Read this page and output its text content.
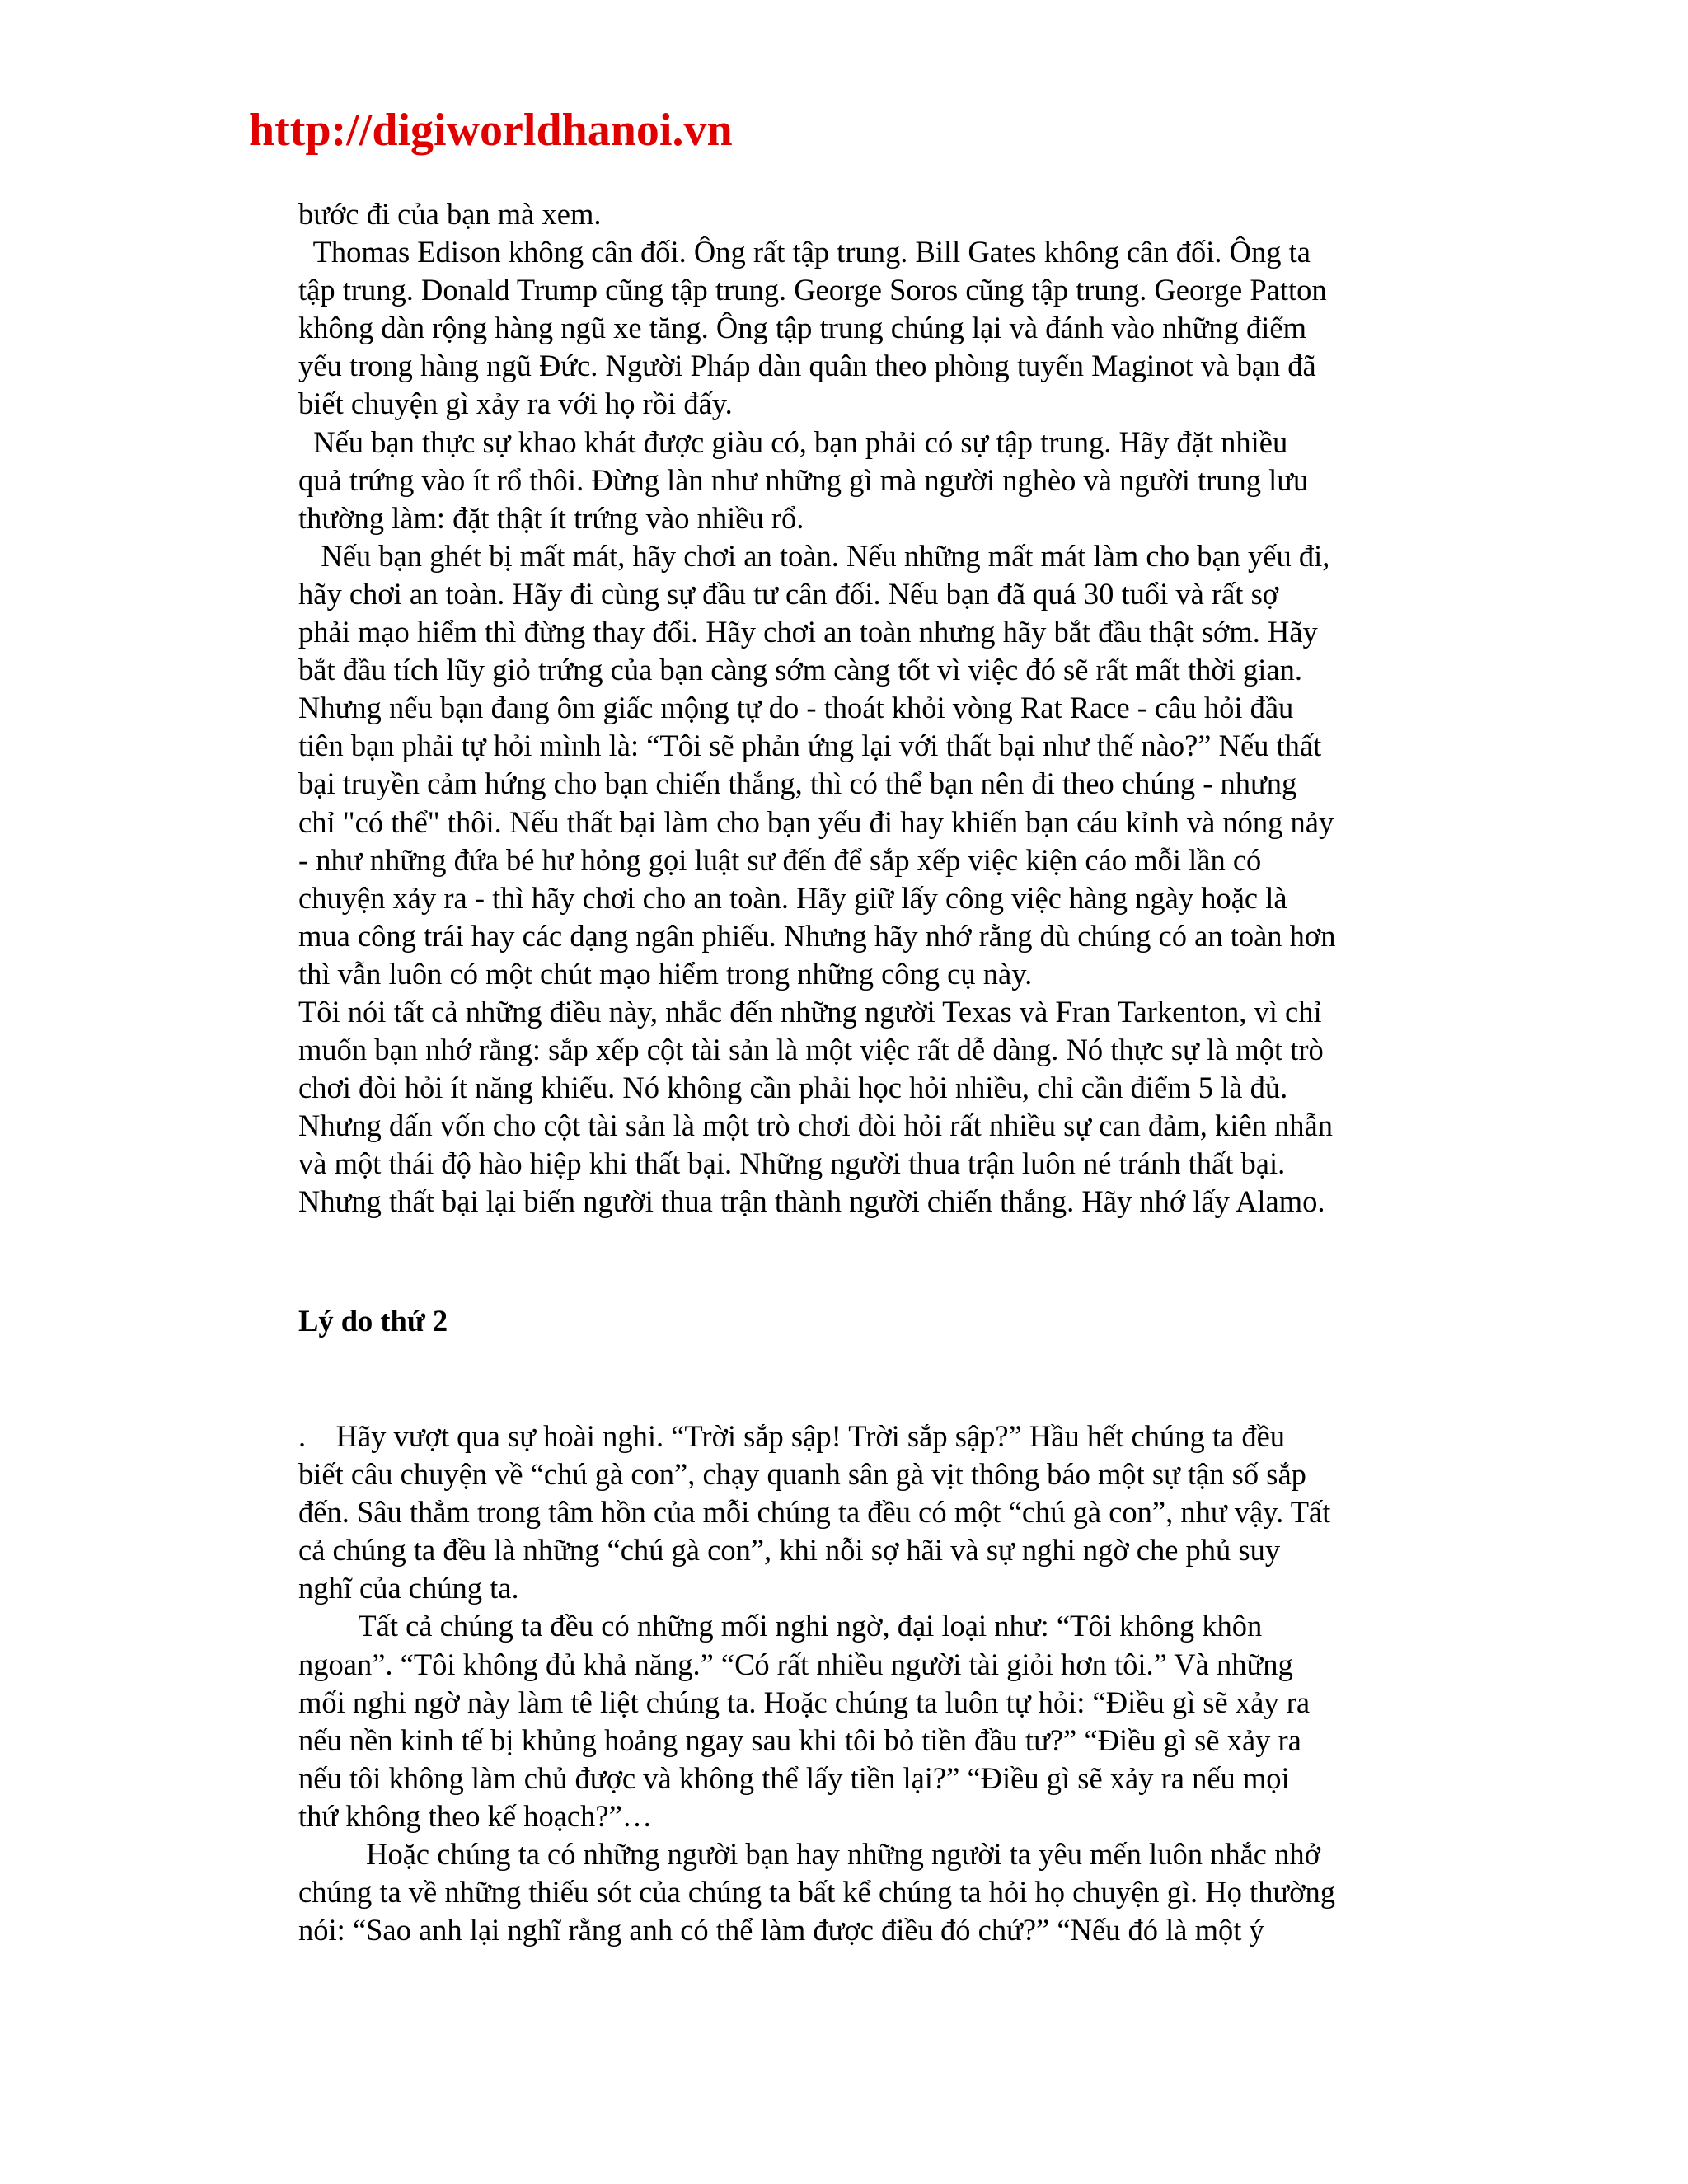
http://digiworldhanoi.vn
bước đi của bạn mà xem.
Thomas Edison không cân đối. Ông rất tập trung. Bill Gates không cân đối. Ông ta
tập trung. Donald Trump cũng tập trung. George Soros cũng tập trung. George Patton
không dàn rộng hàng ngũ xe tăng. Ông tập trung chúng lại và đánh vào những điểm
yếu trong hàng ngũ Đức. Người Pháp dàn quân theo phòng tuyến Maginot và bạn đã
biết chuyện gì xảy ra với họ rồi đấy.
Nếu bạn thực sự khao khát được giàu có, bạn phải có sự tập trung. Hãy đặt nhiều
quả trứng vào ít rổ thôi. Đừng làn như những gì mà người nghèo và người trung lưu
thường làm: đặt thật ít trứng vào nhiều rổ.
Nếu bạn ghét bị mất mát, hãy chơi an toàn. Nếu những mất mát làm cho bạn yếu đi,
hãy chơi an toàn. Hãy đi cùng sự đầu tư cân đối. Nếu bạn đã quá 30 tuổi và rất sợ
phải mạo hiểm thì đừng thay đổi. Hãy chơi an toàn nhưng hãy bắt đầu thật sớm. Hãy
bắt đầu tích lũy giỏ trứng của bạn càng sớm càng tốt vì việc đó sẽ rất mất thời gian.
Nhưng nếu bạn đang ôm giấc mộng tự do - thoát khỏi vòng Rat Race - câu hỏi đầu
tiên bạn phải tự hỏi mình là: “Tôi sẽ phản ứng lại với thất bại như thế nào?” Nếu thất
bại truyền cảm hứng cho bạn chiến thắng, thì có thể bạn nên đi theo chúng - nhưng
chỉ "có thể" thôi. Nếu thất bại làm cho bạn yếu đi hay khiến bạn cáu kỉnh và nóng nảy
- như những đứa bé hư hỏng gọi luật sư đến để sắp xếp việc kiện cáo mỗi lần có
chuyện xảy ra - thì hãy chơi cho an toàn. Hãy giữ lấy công việc hàng ngày hoặc là
mua công trái hay các dạng ngân phiếu. Nhưng hãy nhớ rằng dù chúng có an toàn hơn
thì vẫn luôn có một chút mạo hiểm trong những công cụ này.
Tôi nói tất cả những điều này, nhắc đến những người Texas và Fran Tarkenton, vì chỉ
muốn bạn nhớ rằng: sắp xếp cột tài sản là một việc rất dễ dàng. Nó thực sự là một trò
chơi đòi hỏi ít năng khiếu. Nó không cần phải học hỏi nhiều, chỉ cần điểm 5 là đủ.
Nhưng dấn vốn cho cột tài sản là một trò chơi đòi hỏi rất nhiều sự can đảm, kiên nhẫn
và một thái độ hào hiệp khi thất bại. Những người thua trận luôn né tránh thất bại.
Nhưng thất bại lại biến người thua trận thành người chiến thắng. Hãy nhớ lấy Alamo.
Lý do thứ 2
.    Hãy vượt qua sự hoài nghi. “Trời sắp sập! Trời sắp sập?” Hầu hết chúng ta đều
biết câu chuyện về “chú gà con”, chạy quanh sân gà vịt thông báo một sự tận số sắp
đến. Sâu thẳm trong tâm hồn của mỗi chúng ta đều có một “chú gà con”, như vậy. Tất
cả chúng ta đều là những “chú gà con”, khi nỗi sợ hãi và sự nghi ngờ che phủ suy
nghĩ của chúng ta.
Tất cả chúng ta đều có những mối nghi ngờ, đại loại như: “Tôi không khôn
ngoan”. “Tôi không đủ khả năng.” “Có rất nhiều người tài giỏi hơn tôi.” Và những
mối nghi ngờ này làm tê liệt chúng ta. Hoặc chúng ta luôn tự hỏi: “Điều gì sẽ xảy ra
nếu nền kinh tế bị khủng hoảng ngay sau khi tôi bỏ tiền đầu tư?” “Điều gì sẽ xảy ra
nếu tôi không làm chủ được và không thể lấy tiền lại?” “Điều gì sẽ xảy ra nếu mọi
thứ không theo kế hoạch?”…
Hoặc chúng ta có những người bạn hay những người ta yêu mến luôn nhắc nhở
chúng ta về những thiếu sót của chúng ta bất kể chúng ta hỏi họ chuyện gì. Họ thường
nói: “Sao anh lại nghĩ rằng anh có thể làm được điều đó chứ?” “Nếu đó là một ý
